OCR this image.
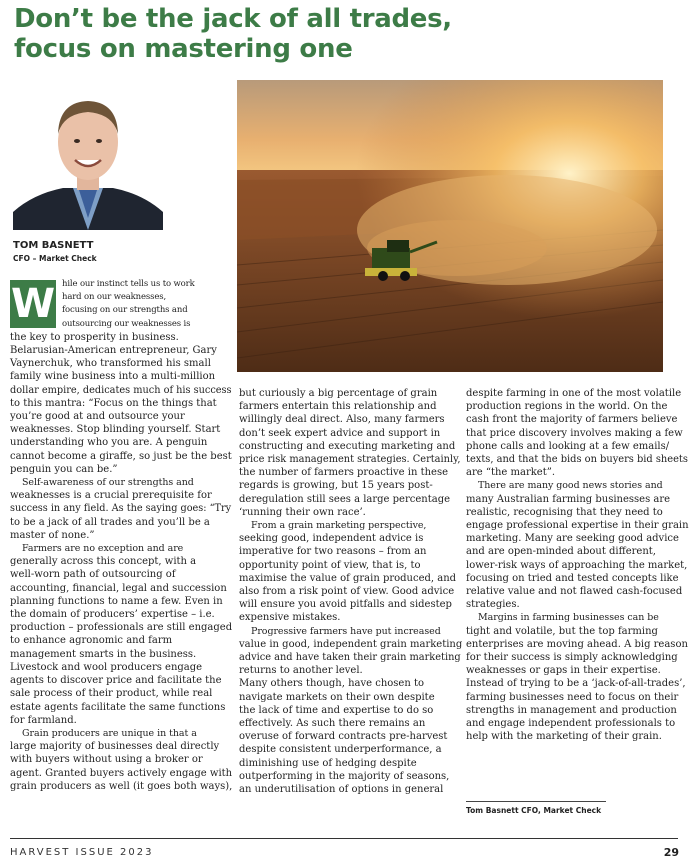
Don’t be the jack of all trades,
focus on mastering one
TOM BASNETT
CFO – Market Check
W hile our instinct tells us to work

hard on our weaknesses,

focusing on our strengths and

outsourcing our weaknesses is

the key to prosperity in business.

Belarusian-American entrepreneur, Gary

Vaynerchuk, who transformed his small

family wine business into a multi-million

dollar empire, dedicates much of his success

to this mantra: “Focus on the things that

you’re good at and outsource your

weaknesses. Stop blinding yourself. Start

understanding who you are. A penguin

cannot become a giraffe, so just be the best

penguin you can be.”

Self-awareness of our strengths and

weaknesses is a crucial prerequisite for

success in any field. As the saying goes: “Try

to be a jack of all trades and you’ll be a

master of none.”

Farmers are no exception and are

generally across this concept, with a

well-worn path of outsourcing of

accounting, financial, legal and succession

planning functions to name a few. Even in

the domain of producers’ expertise – i.e.

production – professionals are still engaged

to enhance agronomic and farm

management smarts in the business.

Livestock and wool producers engage

agents to discover price and facilitate the

sale process of their product, while real

estate agents facilitate the same functions

for farmland.

Grain producers are unique in that a

large majority of businesses deal directly

with buyers without using a broker or

agent. Granted buyers actively engage with

grain producers as well (it goes both ways),

but curiously a big percentage of grain

farmers entertain this relationship and

willingly deal direct. Also, many farmers

don’t seek expert advice and support in

constructing and executing marketing and

price risk management strategies. Certainly,

the number of farmers proactive in these

regards is growing, but 15 years post-

deregulation still sees a large percentage

‘running their own race’.

From a grain marketing perspective,

seeking good, independent advice is

imperative for two reasons – from an

opportunity point of view, that is, to

maximise the value of grain produced, and

also from a risk point of view. Good advice

will ensure you avoid pitfalls and sidestep

expensive mistakes.

Progressive farmers have put increased

value in good, independent grain marketing

advice and have taken their grain marketing

returns to another level.

Many others though, have chosen to

navigate markets on their own despite

the lack of time and expertise to do so

effectively. As such there remains an

overuse of forward contracts pre-harvest

despite consistent underperformance, a

diminishing use of hedging despite

outperforming in the majority of seasons,

an underutilisation of options in general

despite farming in one of the most volatile

production regions in the world. On the

cash front the majority of farmers believe

that price discovery involves making a few

phone calls and looking at a few emails/

texts, and that the bids on buyers bid sheets

are “the market”.

There are many good news stories and

many Australian farming businesses are

realistic, recognising that they need to

engage professional expertise in their grain

marketing. Many are seeking good advice

and are open-minded about different,

lower-risk ways of approaching the market,

focusing on tried and tested concepts like

relative value and not flawed cash-focused

strategies.

Margins in farming businesses can be

tight and volatile, but the top farming

enterprises are moving ahead. A big reason

for their success is simply acknowledging

weaknesses or gaps in their expertise.

Instead of trying to be a ‘jack-of-all-trades’,

farming businesses need to focus on their

strengths in management and production

and engage independent professionals to

help with the marketing of their grain.

Tom Basnett CFO, Market Check
HARVEST ISSUE 2023	29
